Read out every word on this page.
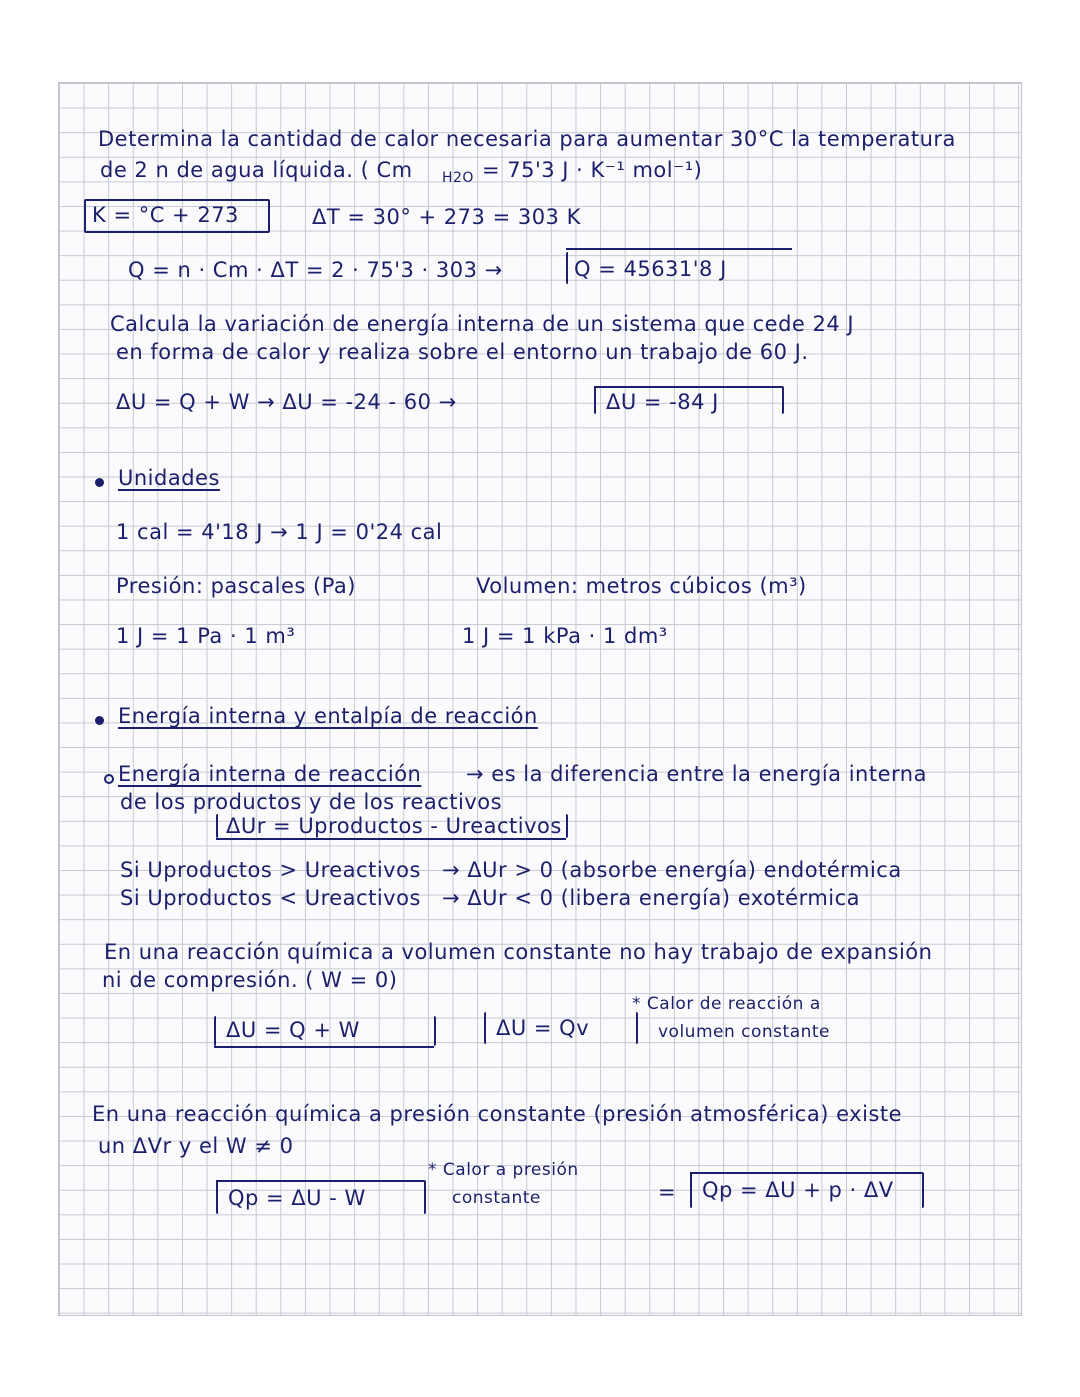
Determina la cantidad de calor necesaria para aumentar 30°C la temperatura
de 2 n de agua líquida. ( Cm H2O = 75'3 J · K⁻¹ mol⁻¹)
K = °C + 273	ΔT = 30° + 273 = 303 K
Q = n · Cm · ΔT = 2 · 75'3 · 303 →	Q = 45631'8 J
Calcula la variación de energía interna de un sistema que cede 24 J
en forma de calor y realiza sobre el entorno un trabajo de 60 J.
ΔU = Q + W → ΔU = -24 - 60 →	ΔU = -84 J
Unidades
1 cal = 4'18 J → 1 J = 0'24 cal
Presión: pascales (Pa)	Volumen: metros cúbicos (m³)
1 J = 1 Pa · 1 m³	1 J = 1 kPa · 1 dm³
Energía interna y entalpía de reacción
Energía interna de reacción → es la diferencia entre la energía interna
de los productos y de los reactivos
ΔUr = Uproductos - Ureactivos
Si Uproductos > Ureactivos → ΔUr > 0 (absorbe energía) endotérmica
Si Uproductos < Ureactivos → ΔUr < 0 (libera energía) exotérmica
En una reacción química a volumen constante no hay trabajo de expansión
ni de compresión. ( W = 0)
ΔU = Q + W	ΔU = Qv
* Calor de reacción a
volumen constante
En una reacción química a presión constante (presión atmosférica) existe
un ΔVr y el W ≠ 0
Qp = ΔU - W
* Calor a presión
constante	= Qp = ΔU + p · ΔV
